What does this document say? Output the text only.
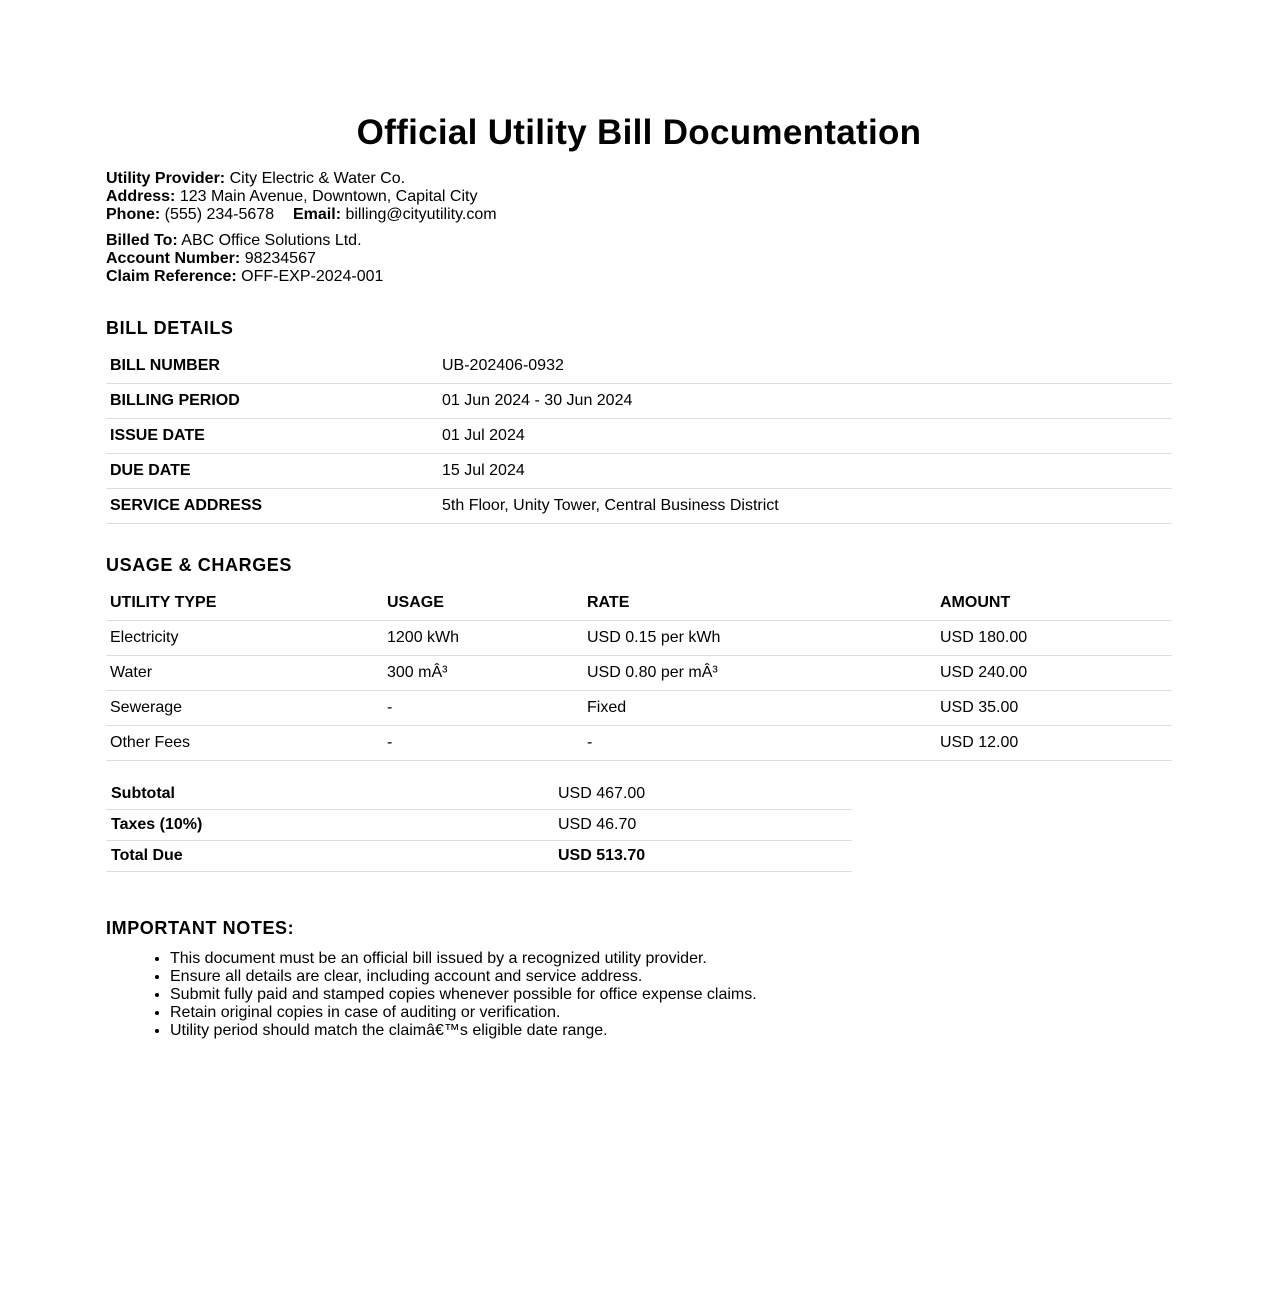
Official Utility Bill Documentation
Utility Provider: City Electric & Water Co.
Address: 123 Main Avenue, Downtown, Capital City
Phone: (555) 234-5678 Email: billing@cityutility.com
Billed To: ABC Office Solutions Ltd.
Account Number: 98234567
Claim Reference: OFF-EXP-2024-001
BILL DETAILS
BILL NUMBER	UB-202406-0932
BILLING PERIOD	01 Jun 2024 - 30 Jun 2024
ISSUE DATE	01 Jul 2024
DUE DATE	15 Jul 2024
SERVICE ADDRESS	5th Floor, Unity Tower, Central Business District
USAGE & CHARGES
UTILITY TYPE	USAGE	RATE	AMOUNT
Electricity	1200 kWh	USD 0.15 per kWh	USD 180.00
Water	300 mÂ³	USD 0.80 per mÂ³	USD 240.00
Sewerage	-	Fixed	USD 35.00
Other Fees	-	-	USD 12.00
Subtotal	USD 467.00
Taxes (10%)	USD 46.70
Total Due	USD 513.70
IMPORTANT NOTES:
• This document must be an official bill issued by a recognized utility provider.
• Ensure all details are clear, including account and service address.
• Submit fully paid and stamped copies whenever possible for office expense claims.
• Retain original copies in case of auditing or verification.
• Utility period should match the claimâ€™s eligible date range.
